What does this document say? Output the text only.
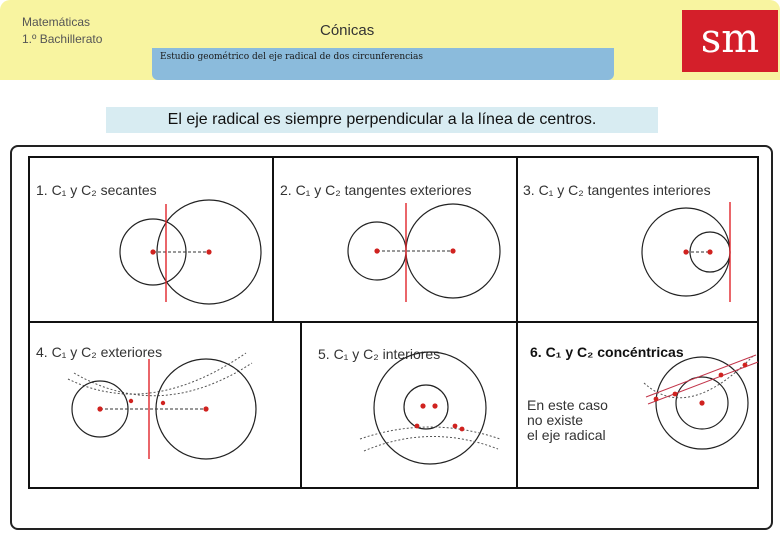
Matemáticas
1.º Bachillerato	Cónicas	sm
Estudio geométrico del eje radical de dos circunferencias
El eje radical es siempre perpendicular a la línea de centros.
1. C₁ y C₂ secantes	2. C₁ y C₂ tangentes exteriores	3. C₁ y C₂ tangentes interiores
4. C₁ y C₂ exteriores	5. C₁ y C₂ interiores	6. C₁ y C₂ concéntricas
En este caso
no existe
el eje radical
